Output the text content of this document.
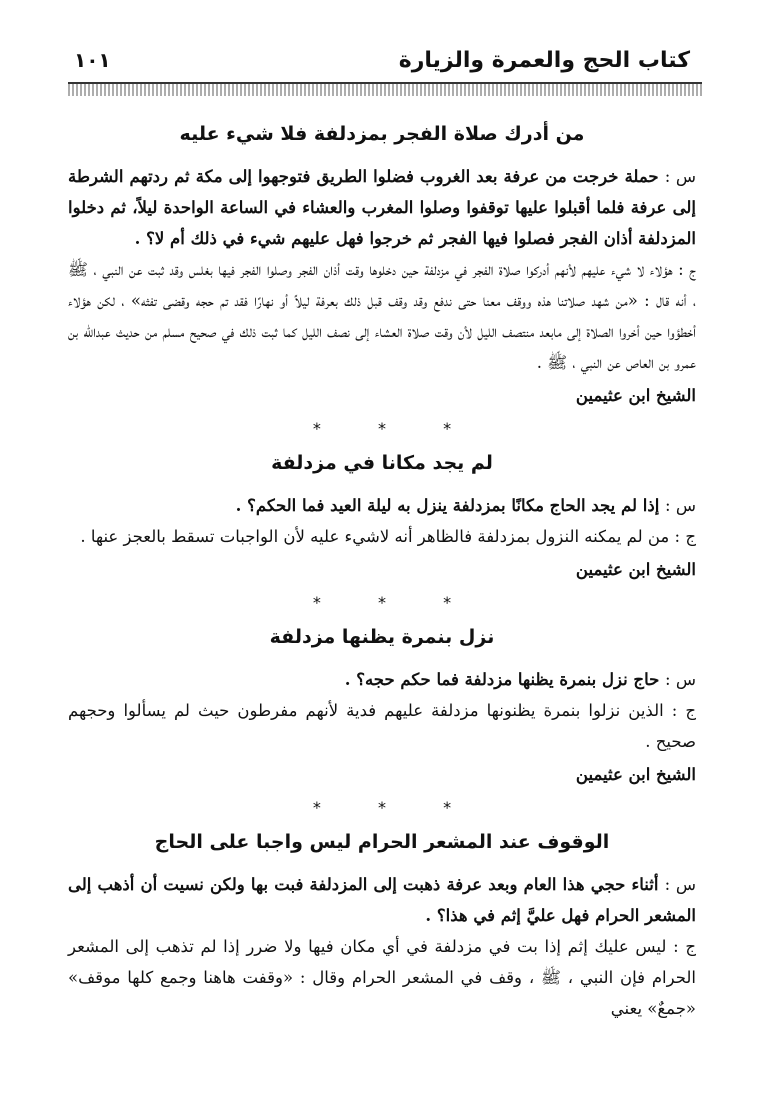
كتاب الحج والعمرة والزيارة
١٠١
من أدرك صلاة الفجر بمزدلفة فلا شيء عليه

س : حملة خرجت من عرفة بعد الغروب فضلوا الطريق فتوجهوا إلى مكة ثم ردتهم الشرطة إلى عرفة فلما أقبلوا عليها توقفوا وصلوا المغرب والعشاء في الساعة الواحدة ليلاً، ثم دخلوا المزدلفة أذان الفجر فصلوا فيها الفجر ثم خرجوا فهل عليهم شيء في ذلك أم لا؟ .

ج : هؤلاء لا شيء عليهم لأنهم أدركوا صلاة الفجر في مزدلفة حين دخلوها وقت أذان الفجر وصلوا الفجر فيها بغلس وقد ثبت عن النبي ، ﷺ ، أنه قال : «من شهد صلاتنا هذه ووقف معنا حتى ندفع وقد وقف قبل ذلك بعرفة ليلاً أو نهارًا فقد تم حجه وقضى تفثه» ، لكن هؤلاء أخطؤوا حين أخروا الصلاة إلى مابعد منتصف الليل لأن وقت صلاة العشاء إلى نصف الليل كما ثبت ذلك في صحيح مسلم من حديث عبدالله بن عمرو بن العاص عن النبي ، ﷺ .

الشيخ ابن عثيمين
* * *
لم يجد مكانا في مزدلفة

س : إذا لم يجد الحاج مكانًا بمزدلفة ينزل به ليلة العيد فما الحكم؟ .

ج : من لم يمكنه النزول بمزدلفة فالظاهر أنه لاشيء عليه لأن الواجبات تسقط بالعجز عنها .

الشيخ ابن عثيمين
* * *
نزل بنمرة يظنها مزدلفة

س : حاج نزل بنمرة يظنها مزدلفة فما حكم حجه؟ .

ج : الذين نزلوا بنمرة يظنونها مزدلفة عليهم فدية لأنهم مفرطون حيث لم يسألوا وحجهم صحيح .

الشيخ ابن عثيمين
* * *
الوقوف عند المشعر الحرام ليس واجبا على الحاج

س : أثناء حجي هذا العام وبعد عرفة ذهبت إلى المزدلفة فبت بها ولكن نسيت أن أذهب إلى المشعر الحرام فهل عليَّ إثم في هذا؟ .

ج : ليس عليك إثم إذا بت في مزدلفة في أي مكان فيها ولا ضرر إذا لم تذهب إلى المشعر الحرام فإن النبي ، ﷺ ، وقف في المشعر الحرام وقال : «وقفت هاهنا وجمع كلها موقف» «جمعٌ» يعني
